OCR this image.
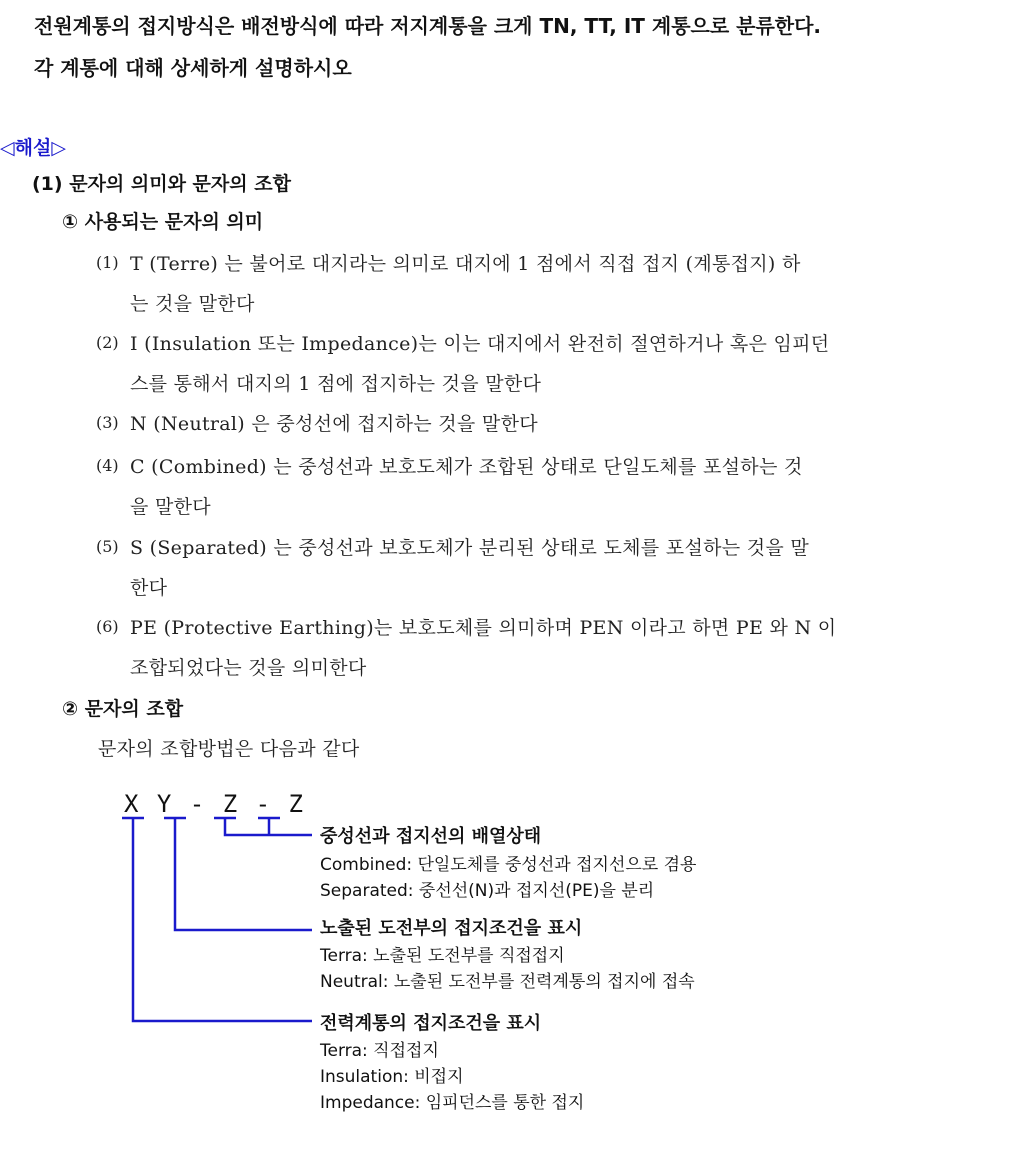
전원계통의 접지방식은 배전방식에 따라 저지계통을 크게 TN, TT, IT 계통으로 분류한다.
각 계통에 대해 상세하게 설명하시오
◁해설▷
(1) 문자의 의미와 문자의 조합
① 사용되는 문자의 의미
(1) T (Terre) 는 불어로 대지라는 의미로 대지에 1 점에서 직접 접지 (계통접지) 하
는 것을 말한다
(2) I (Insulation 또는 Impedance)는 이는 대지에서 완전히 절연하거나 혹은 임피던
스를 통해서 대지의 1 점에 접지하는 것을 말한다
(3) N (Neutral) 은 중성선에 접지하는 것을 말한다
(4) C (Combined) 는 중성선과 보호도체가 조합된 상태로 단일도체를 포설하는 것
을 말한다
(5) S (Separated) 는 중성선과 보호도체가 분리된 상태로 도체를 포설하는 것을 말
한다
(6) PE (Protective Earthing)는 보호도체를 의미하며 PEN 이라고 하면 PE 와 N 이
조합되었다는 것을 의미한다
② 문자의 조합
문자의 조합방법은 다음과 같다
X Y - Z - Z
중성선과 접지선의 배열상태
Combined: 단일도체를 중성선과 접지선으로 겸용
Separated: 중선선(N)과 접지선(PE)을 분리
노출된 도전부의 접지조건을 표시
Terra: 노출된 도전부를 직접접지
Neutral: 노출된 도전부를 전력계통의 접지에 접속
전력계통의 접지조건을 표시
Terra: 직접접지
Insulation: 비접지
Impedance: 임피던스를 통한 접지
